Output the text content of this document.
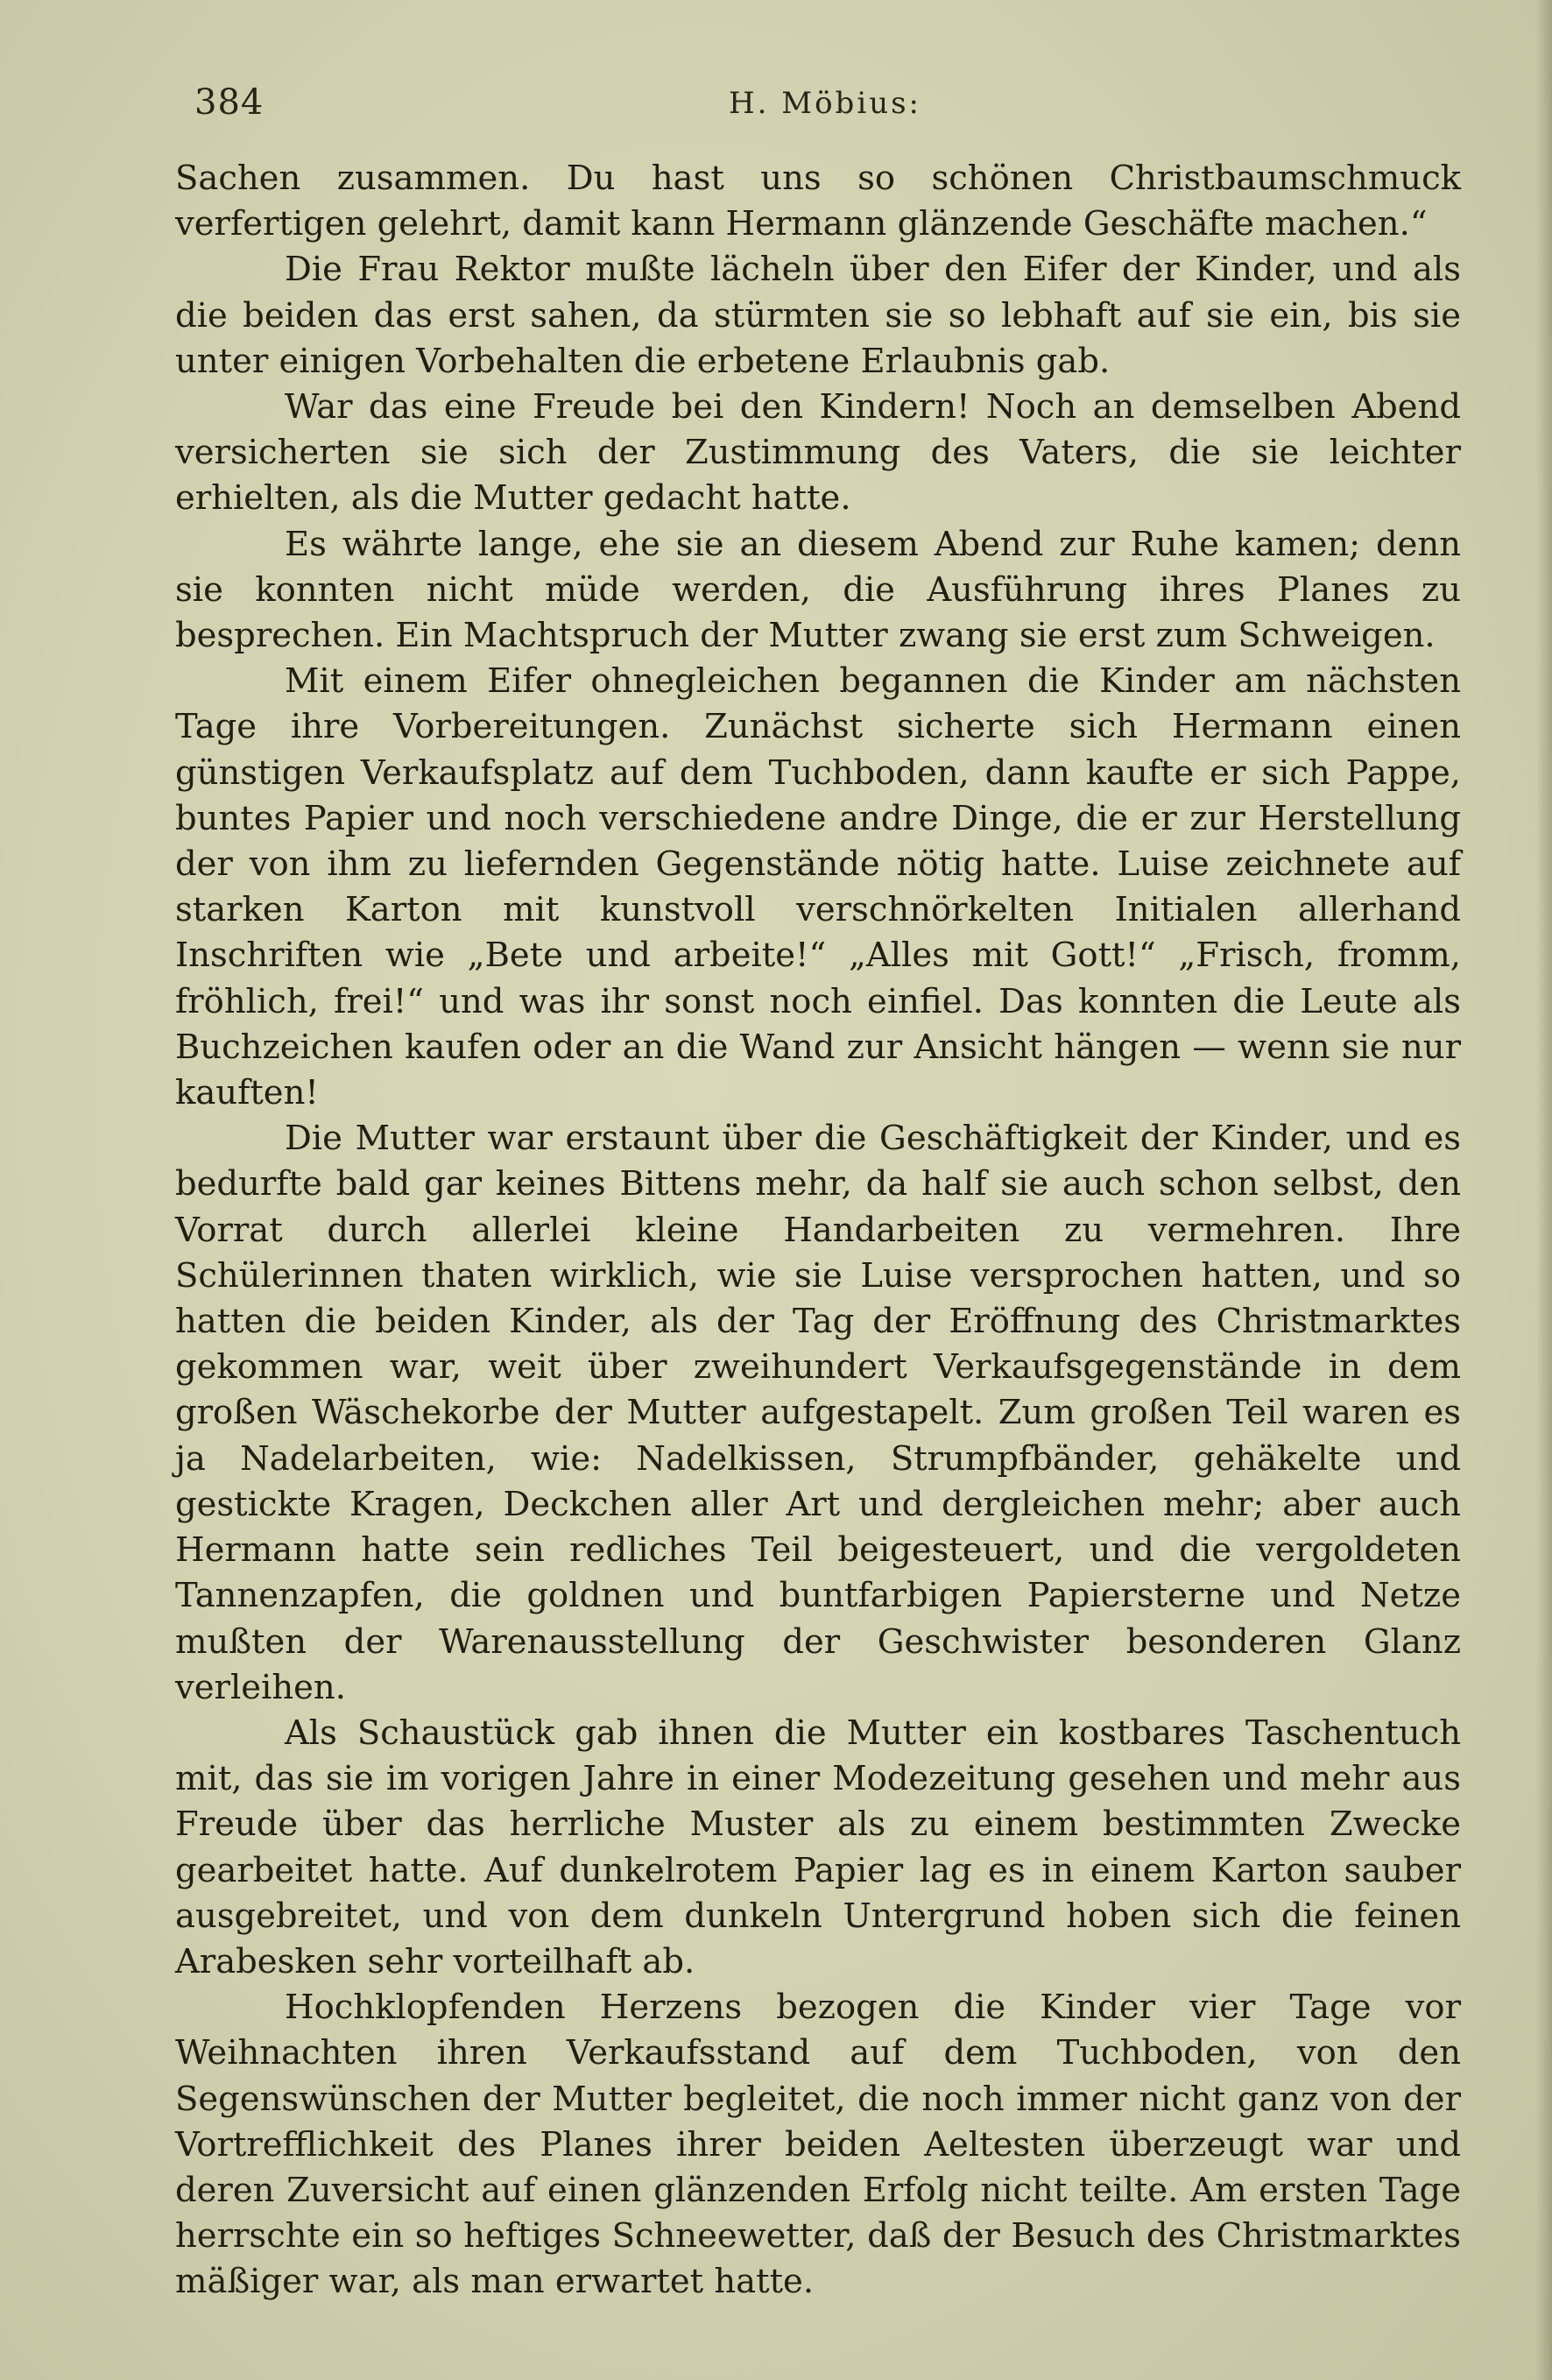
384	H. Möbius:

Sachen zusammen. Du hast uns so schönen Christbaumschmuck verfertigen gelehrt, damit kann Hermann glänzende Geschäfte machen.“

Die Frau Rektor mußte lächeln über den Eifer der Kinder, und als die beiden das erst sahen, da stürmten sie so lebhaft auf sie ein, bis sie unter einigen Vorbehalten die erbetene Erlaubnis gab.

War das eine Freude bei den Kindern! Noch an demselben Abend versicherten sie sich der Zustimmung des Vaters, die sie leichter erhielten, als die Mutter gedacht hatte.

Es währte lange, ehe sie an diesem Abend zur Ruhe kamen; denn sie konnten nicht müde werden, die Ausführung ihres Planes zu besprechen. Ein Machtspruch der Mutter zwang sie erst zum Schweigen.

Mit einem Eifer ohnegleichen begannen die Kinder am nächsten Tage ihre Vorbereitungen. Zunächst sicherte sich Hermann einen günstigen Verkaufsplatz auf dem Tuchboden, dann kaufte er sich Pappe, buntes Papier und noch verschiedene andre Dinge, die er zur Herstellung der von ihm zu liefernden Gegenstände nötig hatte. Luise zeichnete auf starken Karton mit kunstvoll verschnörkelten Initialen allerhand Inschriften wie „Bete und arbeite!“ „Alles mit Gott!“ „Frisch, fromm, fröhlich, frei!“ und was ihr sonst noch einfiel. Das konnten die Leute als Buchzeichen kaufen oder an die Wand zur Ansicht hängen — wenn sie nur kauften!

Die Mutter war erstaunt über die Geschäftigkeit der Kinder, und es bedurfte bald gar keines Bittens mehr, da half sie auch schon selbst, den Vorrat durch allerlei kleine Handarbeiten zu vermehren. Ihre Schülerinnen thaten wirklich, wie sie Luise versprochen hatten, und so hatten die beiden Kinder, als der Tag der Eröffnung des Christmarktes gekommen war, weit über zweihundert Verkaufsgegenstände in dem großen Wäschekorbe der Mutter aufgestapelt. Zum großen Teil waren es ja Nadelarbeiten, wie: Nadelkissen, Strumpfbänder, gehäkelte und gestickte Kragen, Deckchen aller Art und dergleichen mehr; aber auch Hermann hatte sein redliches Teil beigesteuert, und die vergoldeten Tannenzapfen, die goldnen und buntfarbigen Papiersterne und Netze mußten der Warenausstellung der Geschwister besonderen Glanz verleihen.

Als Schaustück gab ihnen die Mutter ein kostbares Taschentuch mit, das sie im vorigen Jahre in einer Modezeitung gesehen und mehr aus Freude über das herrliche Muster als zu einem bestimmten Zwecke gearbeitet hatte. Auf dunkelrotem Papier lag es in einem Karton sauber ausgebreitet, und von dem dunkeln Untergrund hoben sich die feinen Arabesken sehr vorteilhaft ab.

Hochklopfenden Herzens bezogen die Kinder vier Tage vor Weihnachten ihren Verkaufsstand auf dem Tuchboden, von den Segenswünschen der Mutter begleitet, die noch immer nicht ganz von der Vortrefflichkeit des Planes ihrer beiden Aeltesten überzeugt war und deren Zuversicht auf einen glänzenden Erfolg nicht teilte. Am ersten Tage herrschte ein so heftiges Schneewetter, daß der Besuch des Christmarktes mäßiger war, als man erwartet hatte.
